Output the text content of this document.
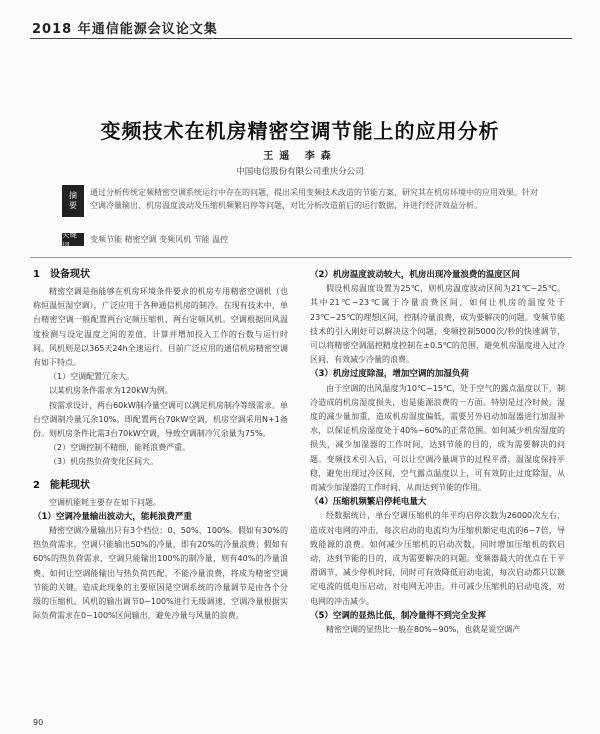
2018 年通信能源会议论文集
变频技术在机房精密空调节能上的应用分析
王遥 李森
中国电信股份有限公司重庆分公司
摘要	通过分析传统定频精密空调系统运行中存在的问题，提出采用变频技术改造的节能方案，研究其在机房环境中的应用效果。针对空调冷量输出、机房温度波动及压缩机频繁启停等问题，对比分析改造前后的运行数据，并进行经济效益分析。
关键词
变频节能 精密空调 变频风机 节能 温控
1　设备现状

精密空调是指能够在机房环境条件要求的机房专用精密空调机（也称恒温恒湿空调），广泛应用于各种通信机房的制冷。在现有技术中，单台精密空调一般配置两台定频压缩机、两台定频风机。空调根据回风温度检测与设定温度之间的差值，计算并增加投入工作的台数与运行时间。风机则是以365天24h全速运行。目前广泛应用的通信机房精密空调有如下特点。

（1）空调配置冗余大。

以某机房条件需求为120kW为例。

按需求设计，两台60kW制冷量空调可以满足机房制冷等级需求。单台空调制冷量冗余10%。即配置两台70kW空调，机房空调采用N+1备份。则机房条件比需3台70kW空调，导致空调制冷冗余量为75%。

（2）空调控制不精细，能耗浪费严重。

（3）机房热负荷变化区间大。

2　能耗现状

空调机能耗主要存在如下问题。

（1）空调冷量输出波动大，能耗浪费严重

精密空调冷量输出只有3个档位：0、50%、100%。假如有30%的热负荷需求，空调只能输出50%的冷量，即有20%的冷量浪费；假如有60%的热负荷需求，空调只能输出100%的制冷量，则有40%的冷量浪费。如何让空调能输出与热负荷匹配，不能冷量浪费，将成为精密空调节能的关键。造成此现象的主要原因是空调系统的冷量调节是由各个分级的压缩机、风机的输出调节0~100%进行无级调速，空调冷量根据实际负荷需求在0~100%区间输出，避免冷量与风量的浪费。

（2）机房温度波动较大，机房出现冷量浪费的温度区间

假设机房温度设置为25℃，则机房温度波动区间为21℃~25℃。其中21℃~23℃属于冷量浪费区间，如何让机房的温度处于23℃~25℃的理想区间，控制冷量浪费，成为要解决的问题。变频节能技术的引入刚好可以解决这个问题，变频控制5000次/秒的快速调节，可以将精密空调温控精度控制在±0.5℃的范围，避免机房温度进入过冷区间，有效减少冷量的浪费。

（3）机房过度除湿，增加空调的加湿负荷

由于空调的出风温度为10℃~15℃，处于空气的露点温度以下，制冷造成的机房湿度损失，也是能源浪费的一方面。特别是过冷时候，湿度的减少量加重，造成机房湿度偏低，需要另外启动加湿器进行加湿补水，以保证机房湿度处于40%~60%的正常范围。如何减少机房湿度的损失，减少加湿器的工作时间，达到节能的目的，成为需要解决的问题。变频技术引入后，可以让空调冷量调节的过程平滑，温湿度保持平稳，避免出现过冷区间，空气露点温度以上，可有效防止过度除湿，从而减少加湿器的工作时间，从而达到节能的作用。

（4）压缩机频繁启停耗电量大

经数据统计，单台空调压缩机的年平均启停次数为26000次左右，造成对电网的冲击，每次启动的电流均为压缩机额定电流的6~7倍，导致能源的浪费。如何减少压缩机的启动次数，同时增加压缩机的软启动，达到节能的目的，成为需要解决的问题。变频器最大的优点在于平滑调节，减少停机时间，同时可有效降低启动电流，每次启动都只以额定电流的低电压启动，对电网无冲击，并可减少压缩机的启动电流，对电网的冲击减少。

（5）空调的显热比低，制冷量得不到完全发挥

精密空调的显热比一般在80%~90%，也就是说空调产

90
